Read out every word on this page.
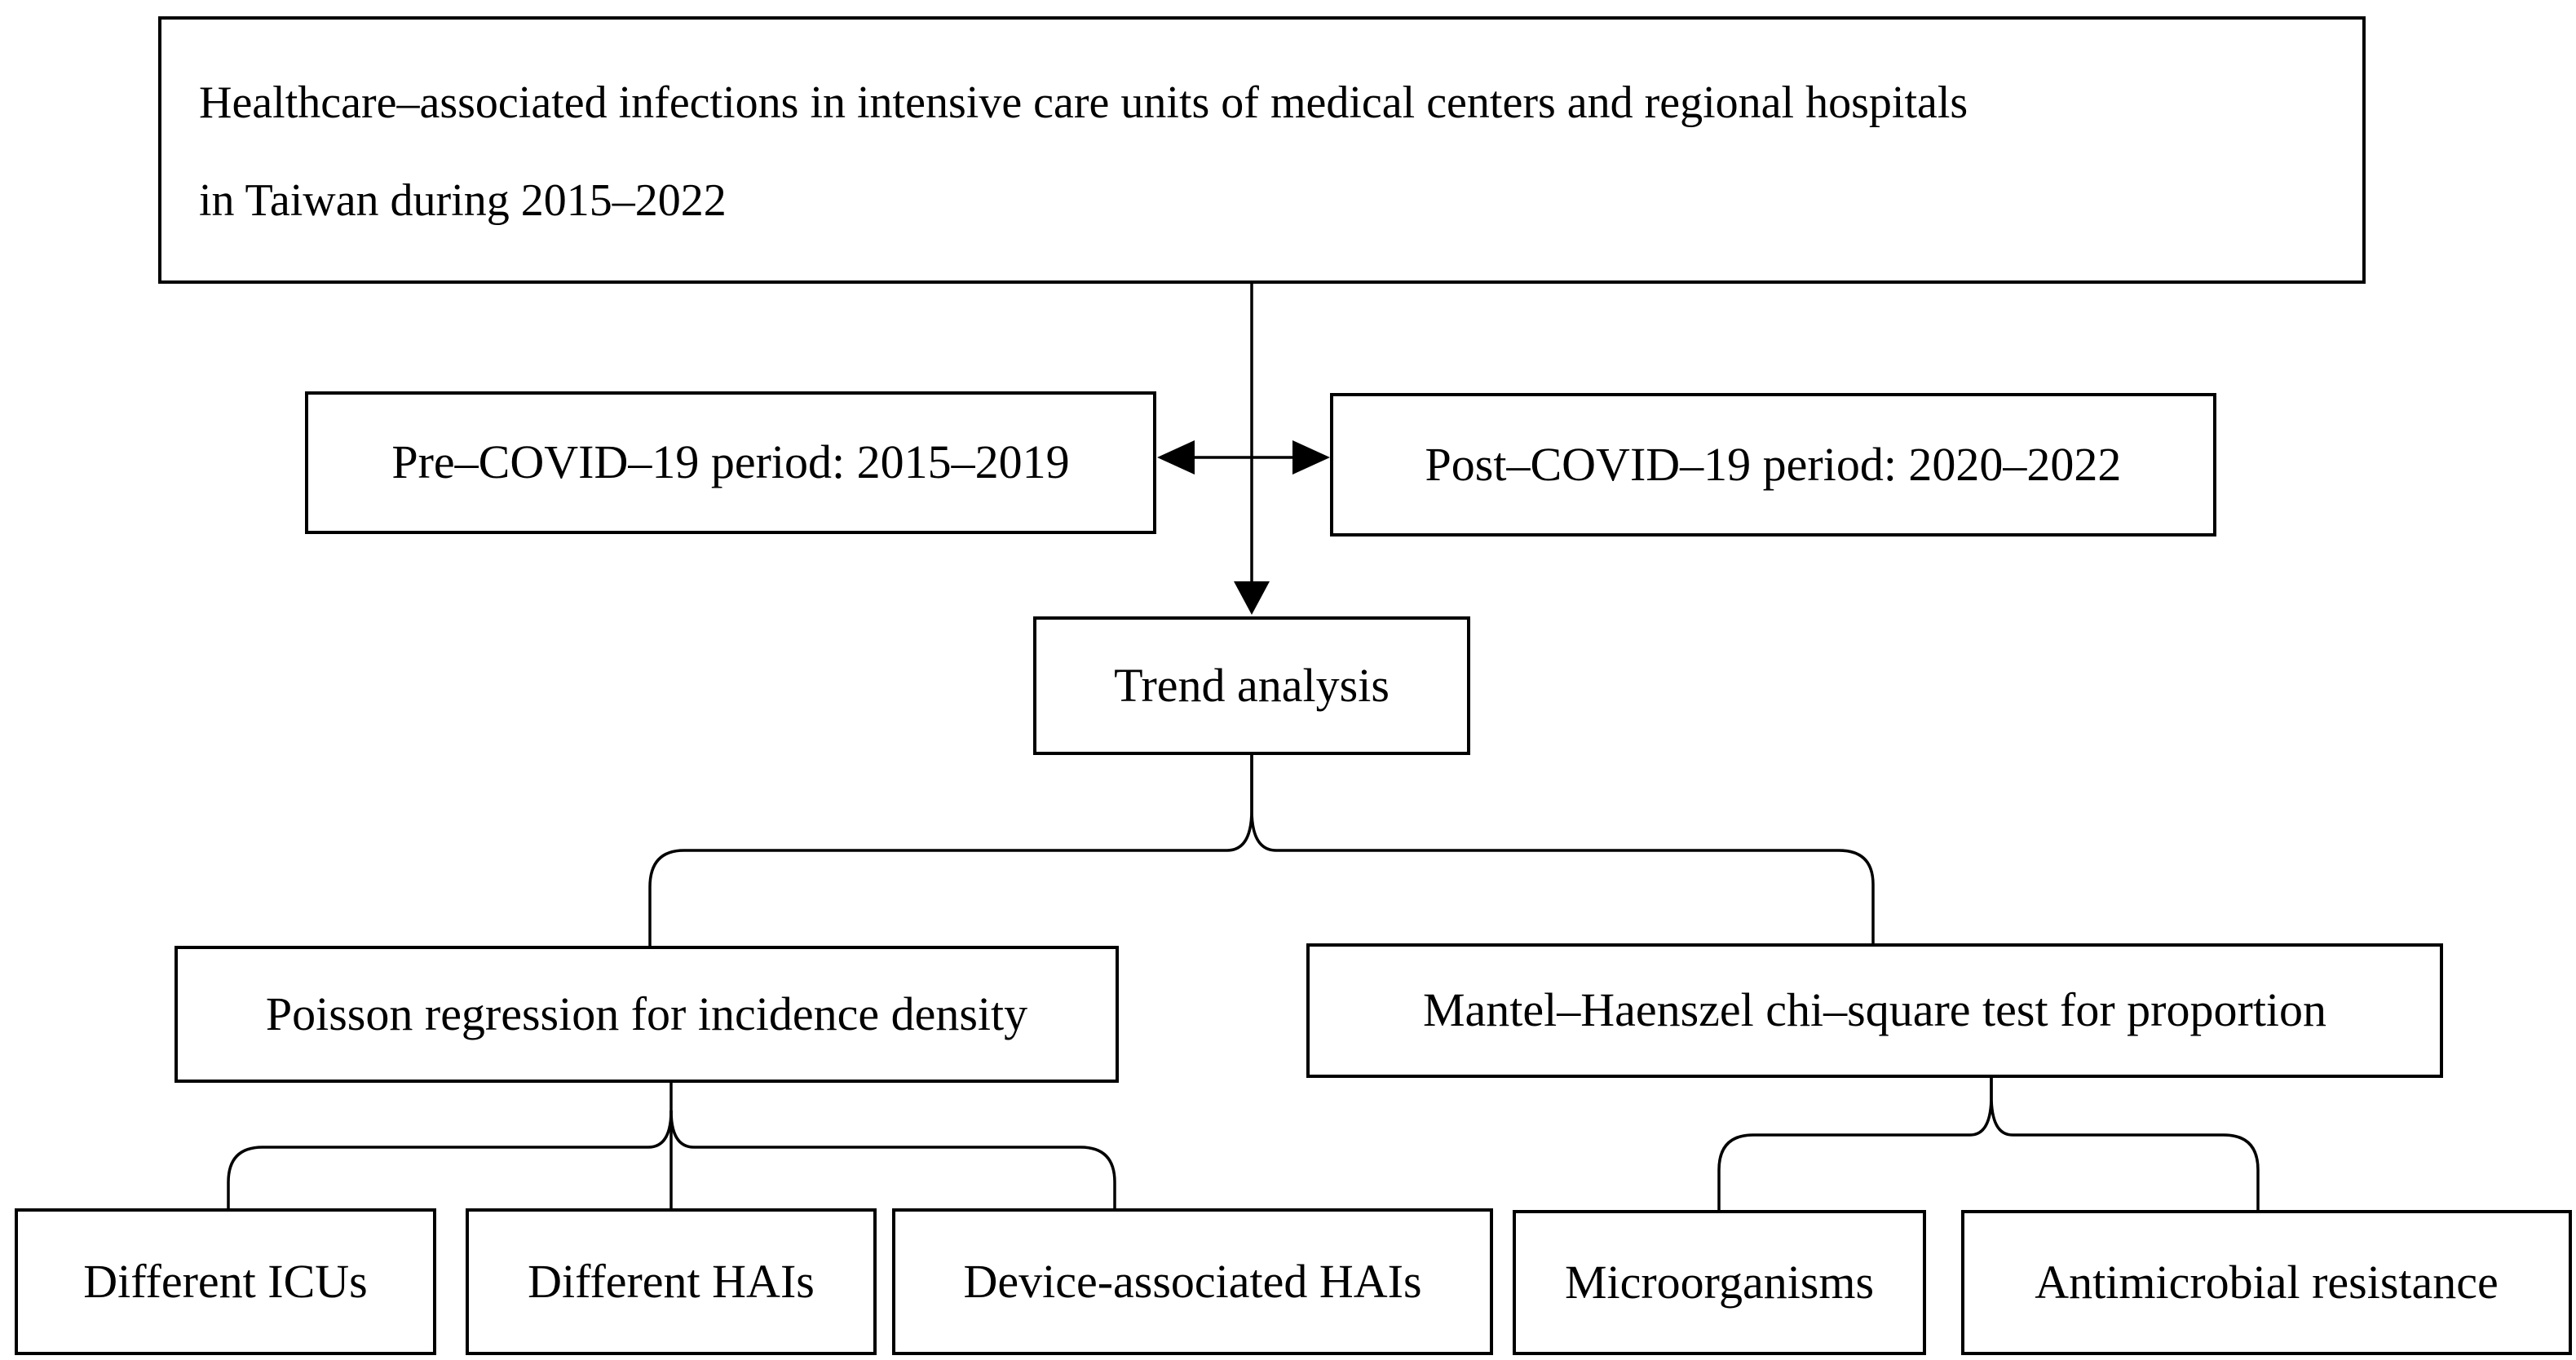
Healthcare–associated infections in intensive care units of medical centers and regional hospitals
in Taiwan during 2015–2022
Pre–COVID–19 period: 2015–2019	Post–COVID–19 period: 2020–2022
Trend analysis
Poisson regression for incidence density	Mantel–Haenszel chi–square test for proportion
Different ICUs	Different HAIs	Device-associated HAIs	Microorganisms	Antimicrobial resistance
